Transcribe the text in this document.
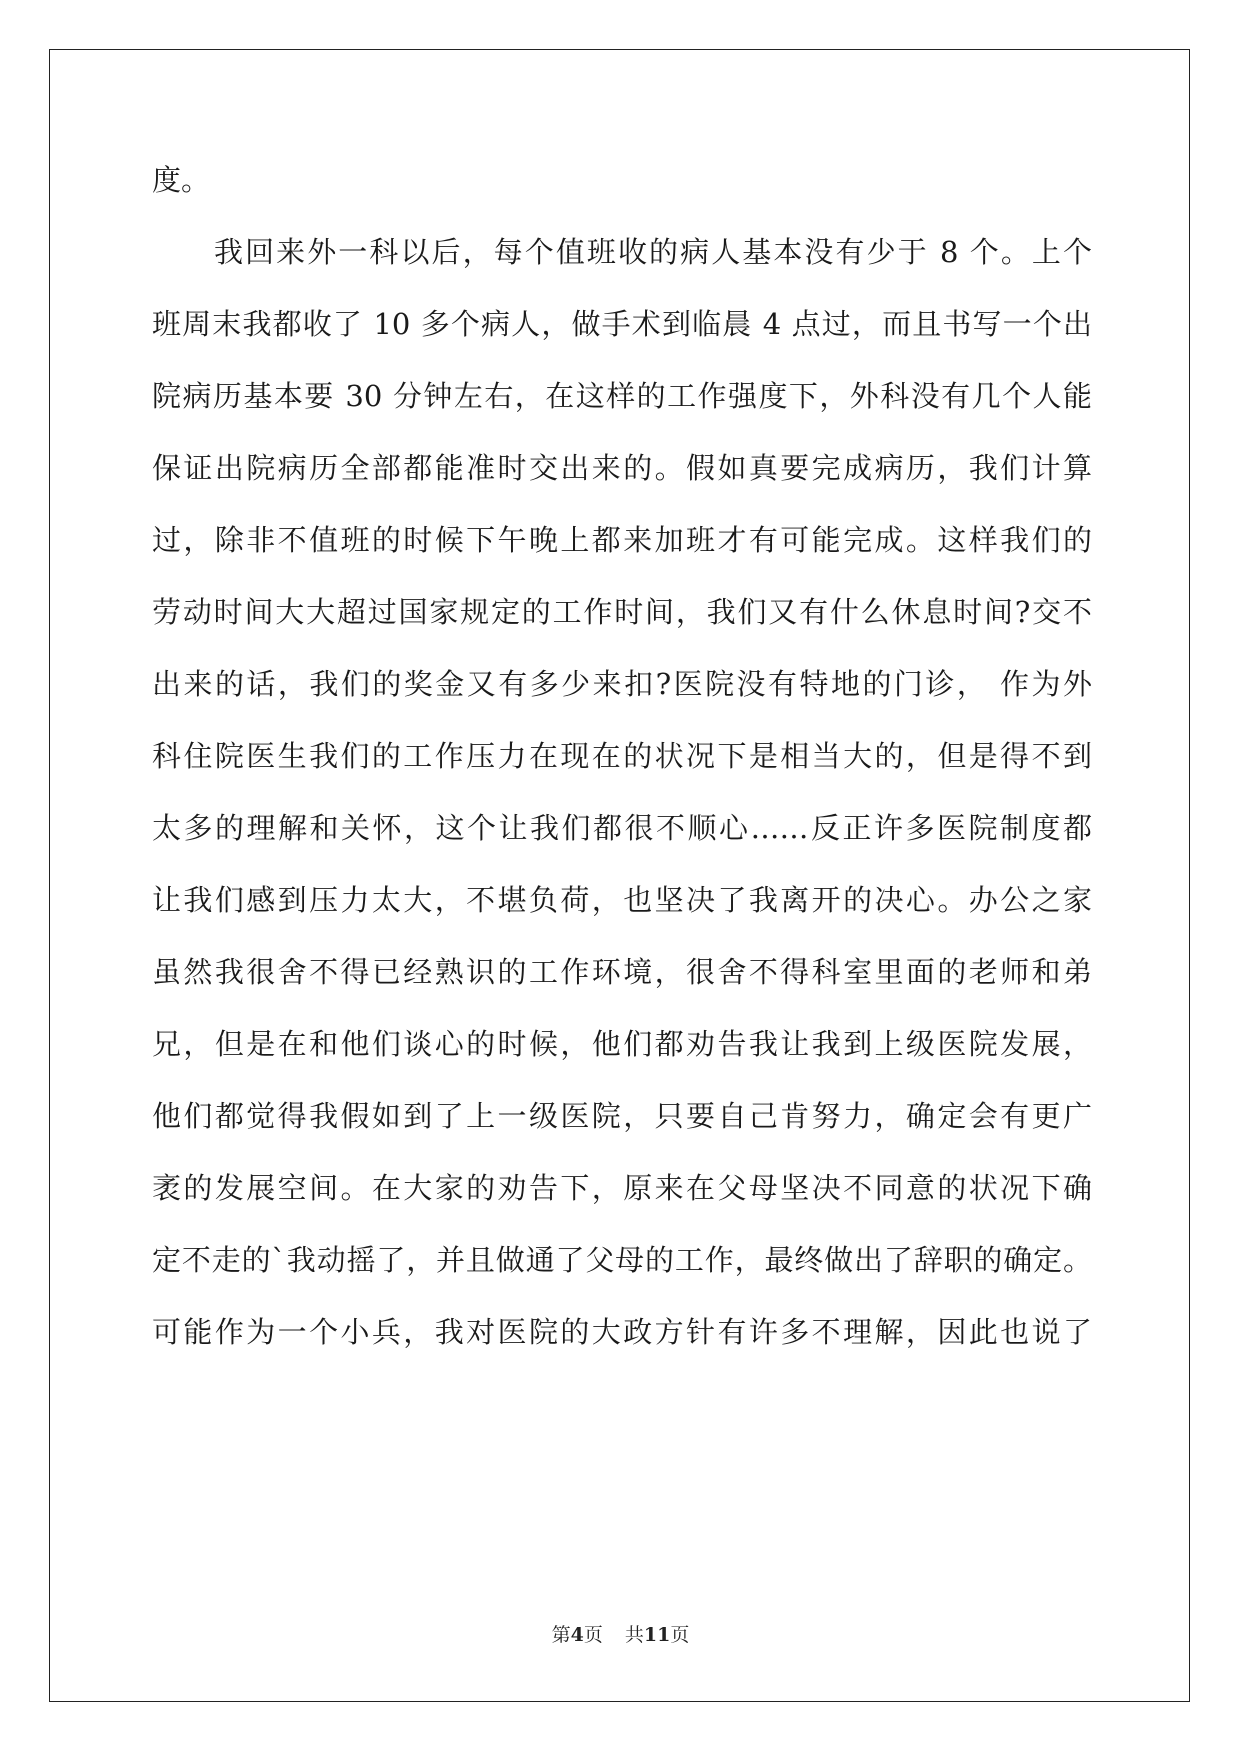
度。
我回来外一科以后，每个值班收的病人基本没有少于 8 个。上个
班周末我都收了 10 多个病人，做手术到临晨 4 点过，而且书写一个出
院病历基本要 30 分钟左右，在这样的工作强度下，外科没有几个人能
保证出院病历全部都能准时交出来的。假如真要完成病历，我们计算
过，除非不值班的时候下午晚上都来加班才有可能完成。这样我们的
劳动时间大大超过国家规定的工作时间，我们又有什么休息时间?交不
出来的话，我们的奖金又有多少来扣?医院没有特地的门诊， 作为外
科住院医生我们的工作压力在现在的状况下是相当大的，但是得不到
太多的理解和关怀，这个让我们都很不顺心……反正许多医院制度都
让我们感到压力太大，不堪负荷，也坚决了我离开的决心。办公之家
虽然我很舍不得已经熟识的工作环境，很舍不得科室里面的老师和弟
兄，但是在和他们谈心的时候，他们都劝告我让我到上级医院发展，
他们都觉得我假如到了上一级医院，只要自己肯努力，确定会有更广
袤的发展空间。在大家的劝告下，原来在父母坚决不同意的状况下确
定不走的`我动摇了，并且做通了父母的工作，最终做出了辞职的确定。
可能作为一个小兵，我对医院的大政方针有许多不理解，因此也说了
第4页 共11页
